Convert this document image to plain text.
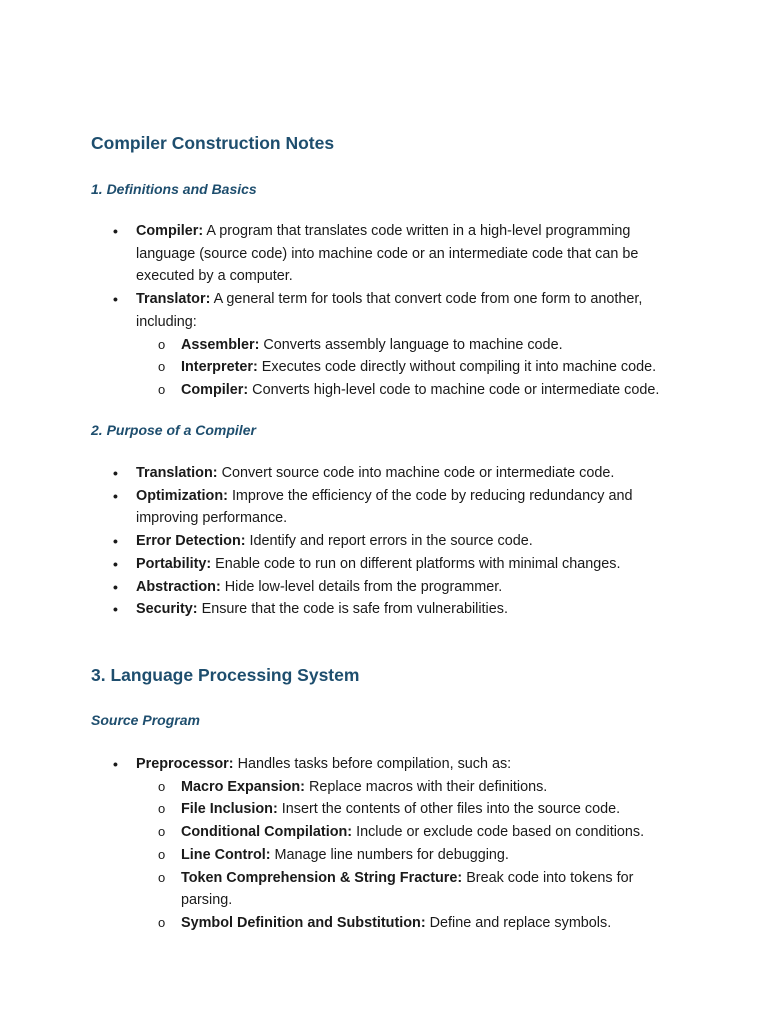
Compiler Construction Notes
1. Definitions and Basics
• Compiler: A program that translates code written in a high-level programming language (source code) into machine code or an intermediate code that can be executed by a computer.
• Translator: A general term for tools that convert code from one form to another, including:
o Assembler: Converts assembly language to machine code.
o Interpreter: Executes code directly without compiling it into machine code.
o Compiler: Converts high-level code to machine code or intermediate code.
2. Purpose of a Compiler
• Translation: Convert source code into machine code or intermediate code.
• Optimization: Improve the efficiency of the code by reducing redundancy and improving performance.
• Error Detection: Identify and report errors in the source code.
• Portability: Enable code to run on different platforms with minimal changes.
• Abstraction: Hide low-level details from the programmer.
• Security: Ensure that the code is safe from vulnerabilities.
3. Language Processing System
Source Program
• Preprocessor: Handles tasks before compilation, such as:
o Macro Expansion: Replace macros with their definitions.
o File Inclusion: Insert the contents of other files into the source code.
o Conditional Compilation: Include or exclude code based on conditions.
o Line Control: Manage line numbers for debugging.
o Token Comprehension & String Fracture: Break code into tokens for parsing.
o Symbol Definition and Substitution: Define and replace symbols.
